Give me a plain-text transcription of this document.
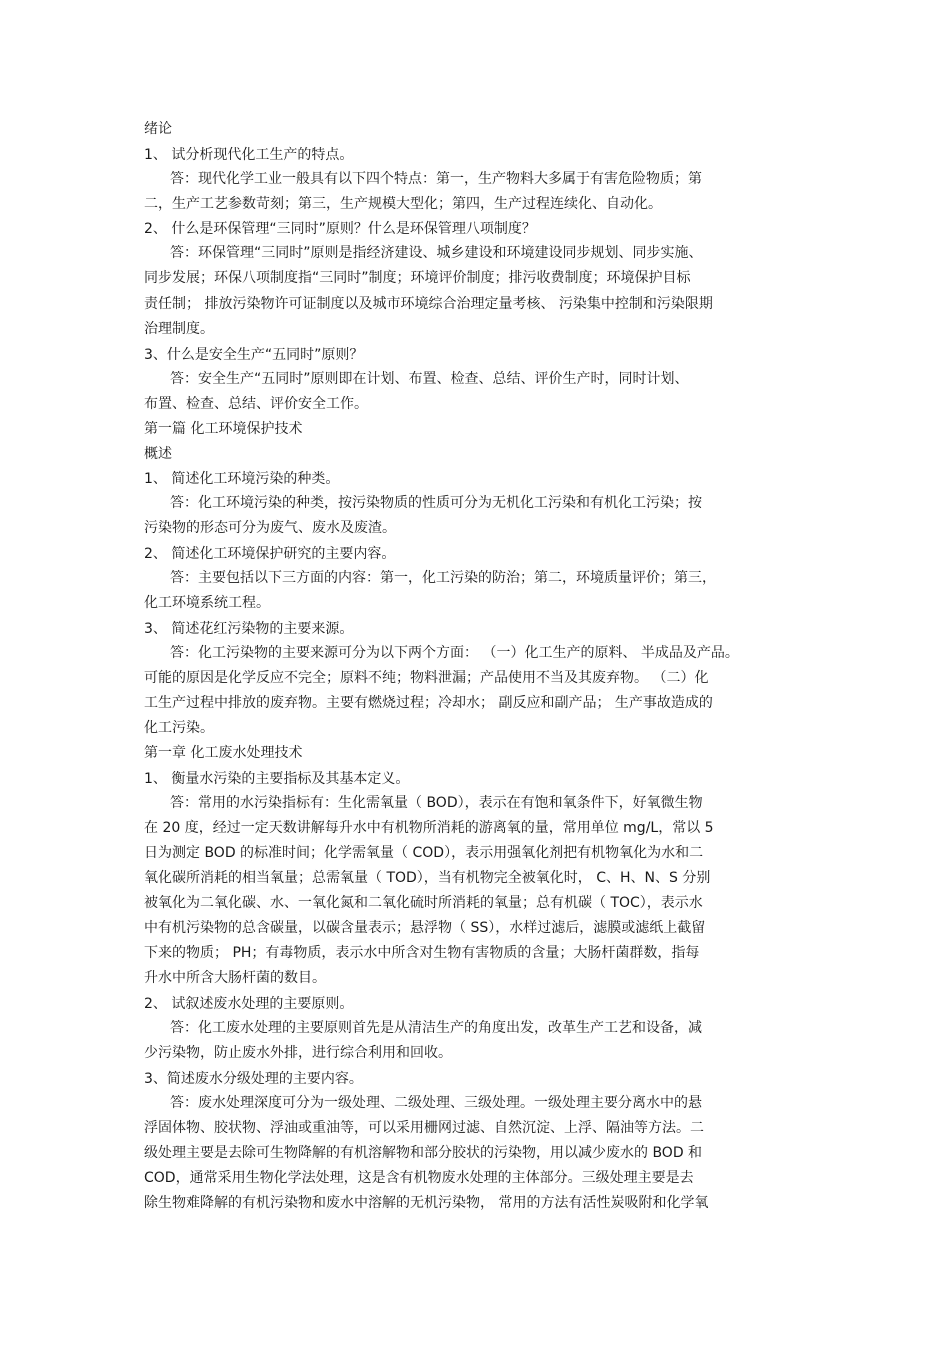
绪论
1、 试分析现代化工生产的特点。
答：现代化学工业一般具有以下四个特点：第一，生产物料大多属于有害危险物质；第
二，生产工艺参数苛刻；第三，生产规模大型化；第四，生产过程连续化、自动化。
2、 什么是环保管理“三同时”原则？什么是环保管理八项制度？
答：环保管理“三同时”原则是指经济建设、城乡建设和环境建设同步规划、同步实施、
同步发展；环保八项制度指“三同时”制度；环境评价制度；排污收费制度；环境保护目标
责任制； 排放污染物许可证制度以及城市环境综合治理定量考核、 污染集中控制和污染限期
治理制度。
3、什么是安全生产“五同时”原则？
答：安全生产“五同时”原则即在计划、布置、检查、总结、评价生产时，同时计划、
布置、检查、总结、评价安全工作。
第一篇 化工环境保护技术
概述
1、 简述化工环境污染的种类。
答：化工环境污染的种类，按污染物质的性质可分为无机化工污染和有机化工污染；按
污染物的形态可分为废气、废水及废渣。
2、 简述化工环境保护研究的主要内容。
答：主要包括以下三方面的内容：第一，化工污染的防治；第二，环境质量评价；第三，
化工环境系统工程。
3、 简述花红污染物的主要来源。
答：化工污染物的主要来源可分为以下两个方面： （一）化工生产的原料、 半成品及产品。
可能的原因是化学反应不完全；原料不纯；物料泄漏；产品使用不当及其废弃物。 （二）化
工生产过程中排放的废弃物。主要有燃烧过程；冷却水； 副反应和副产品； 生产事故造成的
化工污染。
第一章 化工废水处理技术
1、 衡量水污染的主要指标及其基本定义。
答：常用的水污染指标有：生化需氧量（ BOD），表示在有饱和氧条件下，好氧微生物
在 20 度，经过一定天数讲解每升水中有机物所消耗的游离氧的量，常用单位 mg/L，常以 5
日为测定 BOD 的标准时间；化学需氧量（ COD），表示用强氧化剂把有机物氧化为水和二
氧化碳所消耗的相当氧量；总需氧量（ TOD），当有机物完全被氧化时， C、H、N、S 分别
被氧化为二氧化碳、水、一氧化氮和二氧化硫时所消耗的氧量；总有机碳（ TOC），表示水
中有机污染物的总含碳量，以碳含量表示；悬浮物（ SS），水样过滤后，滤膜或滤纸上截留
下来的物质； PH；有毒物质，表示水中所含对生物有害物质的含量；大肠杆菌群数，指每
升水中所含大肠杆菌的数目。
2、 试叙述废水处理的主要原则。
答：化工废水处理的主要原则首先是从清洁生产的角度出发，改革生产工艺和设备，减
少污染物，防止废水外排，进行综合利用和回收。
3、简述废水分级处理的主要内容。
答：废水处理深度可分为一级处理、二级处理、三级处理。一级处理主要分离水中的悬
浮固体物、胶状物、浮油或重油等，可以采用栅网过滤、自然沉淀、上浮、隔油等方法。二
级处理主要是去除可生物降解的有机溶解物和部分胶状的污染物，用以减少废水的 BOD 和
COD，通常采用生物化学法处理，这是含有机物废水处理的主体部分。三级处理主要是去
除生物难降解的有机污染物和废水中溶解的无机污染物， 常用的方法有活性炭吸附和化学氧
